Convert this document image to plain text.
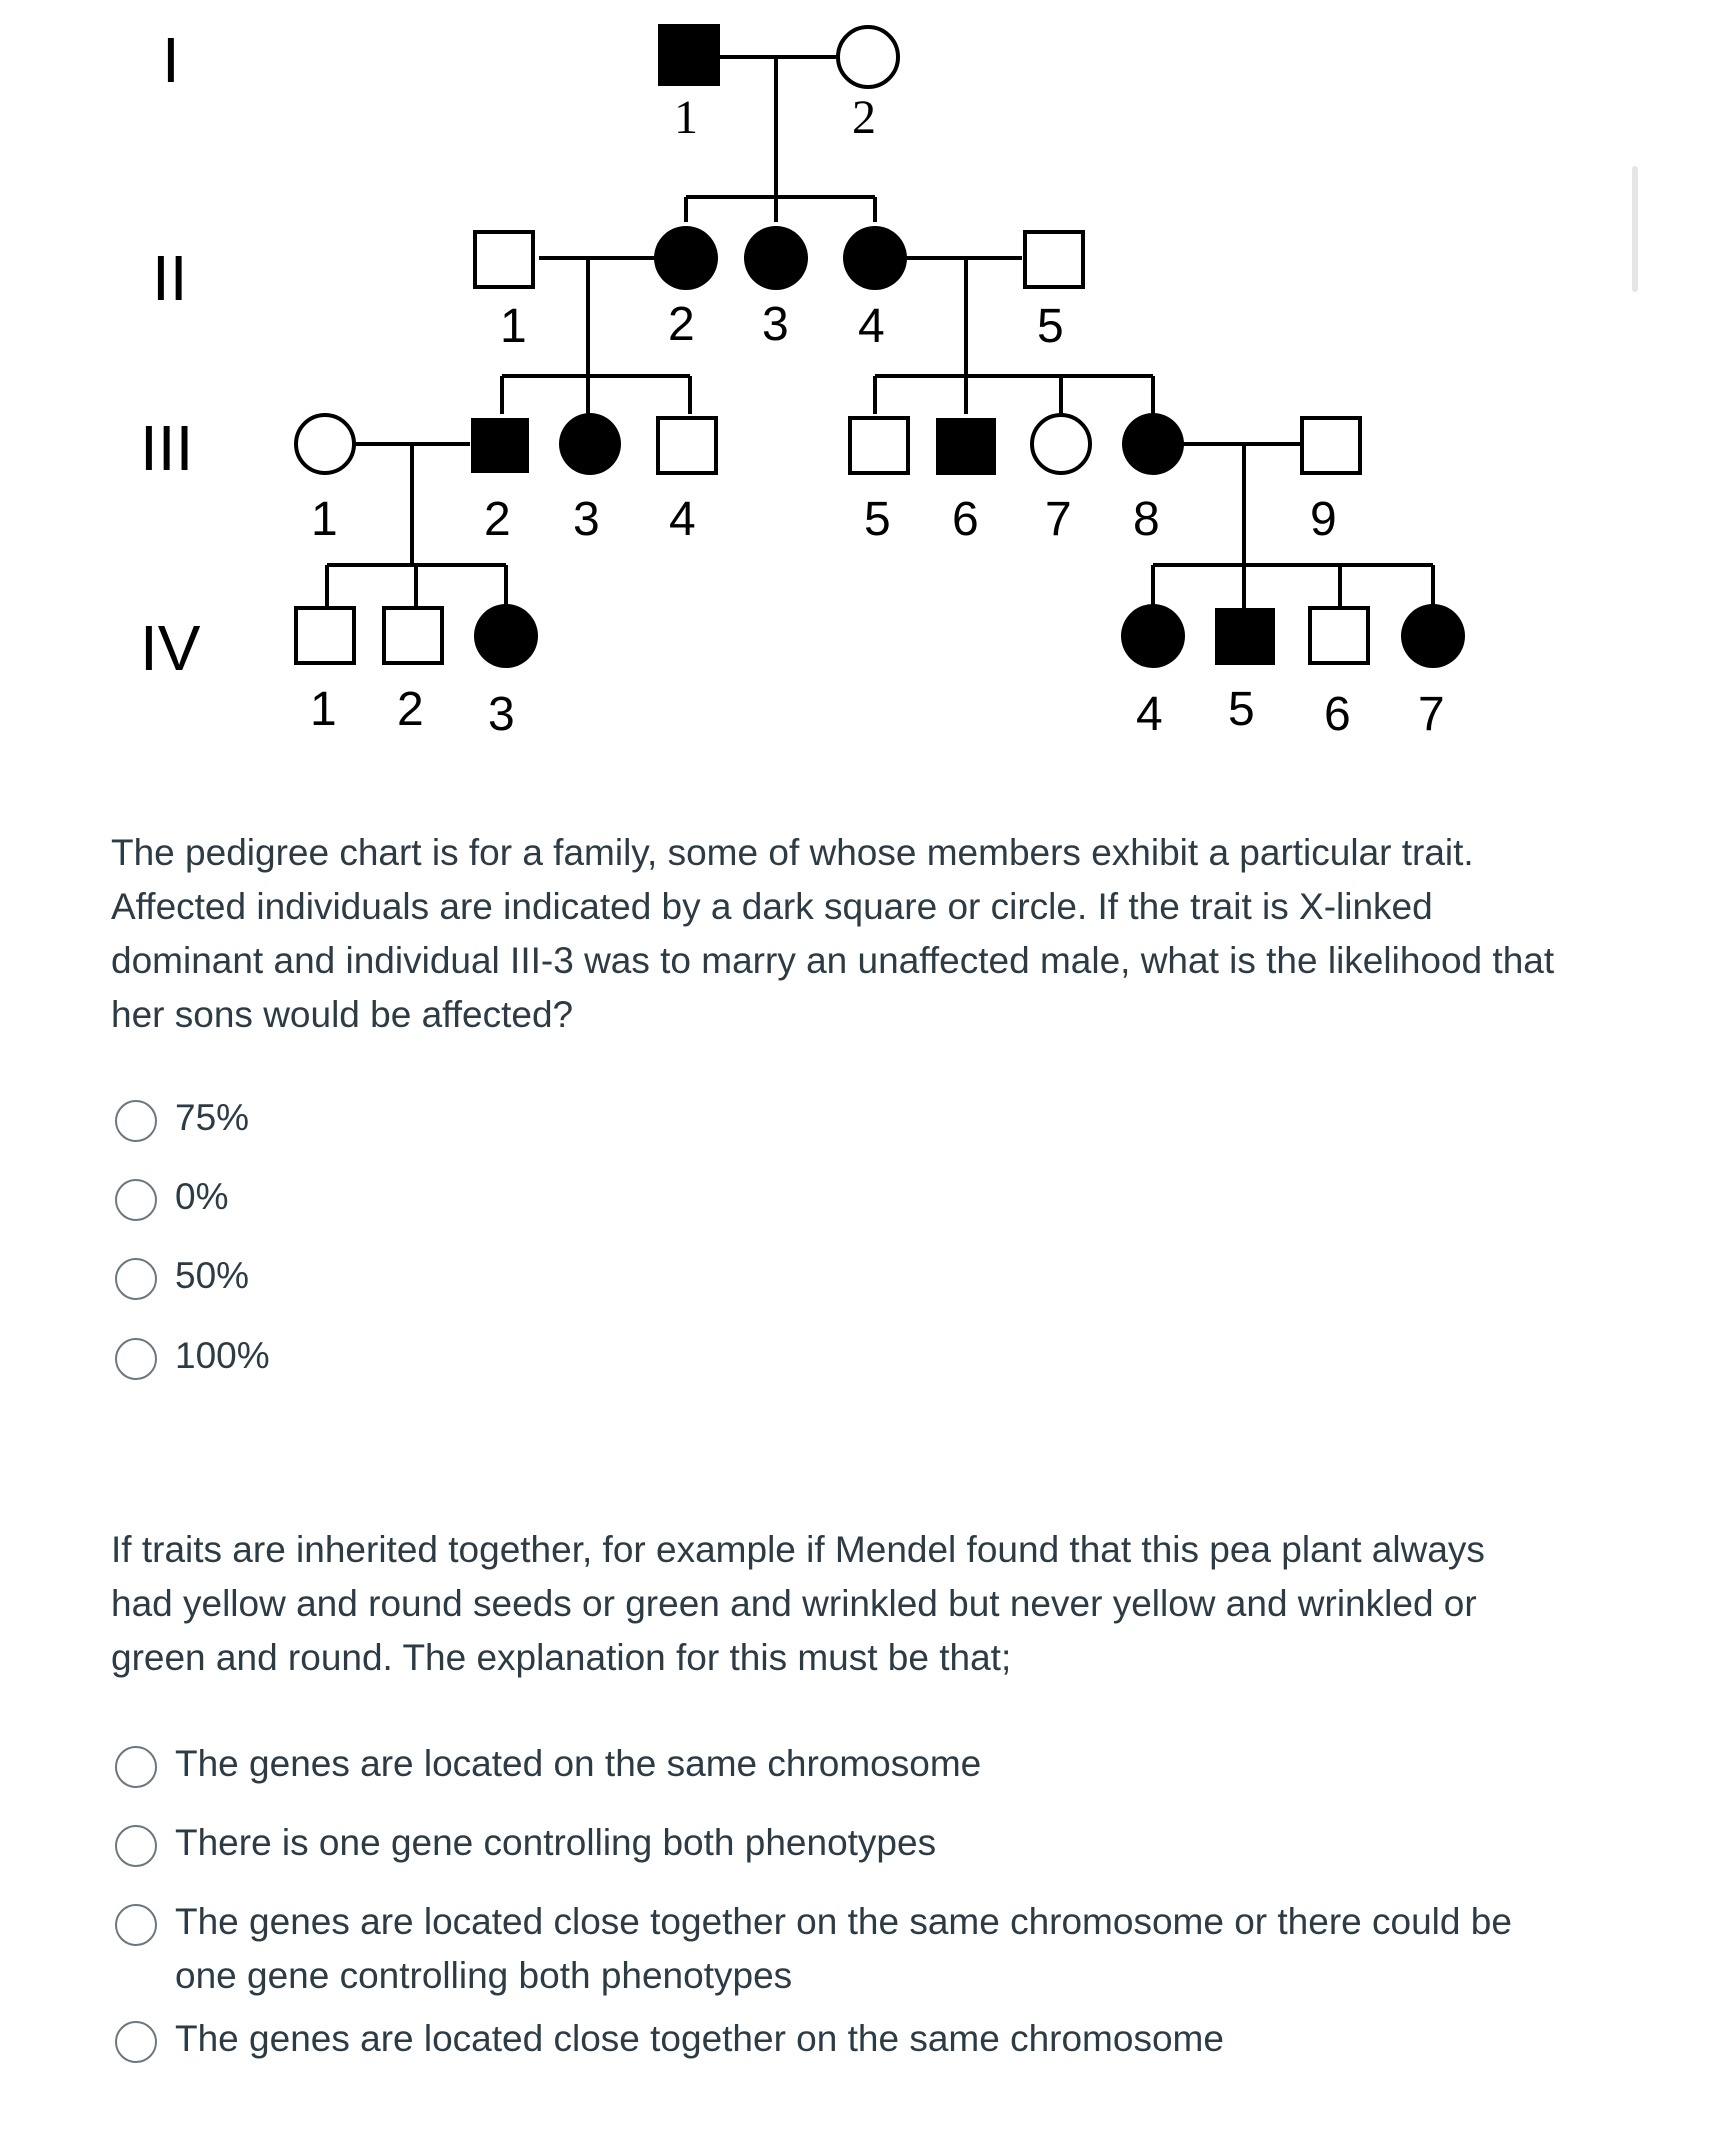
I
II
III
IV
1	2
1	2 3 4	5
1	2 3 4	5 6 7 8	9
1 2 3	4 5 6 7

The pedigree chart is for a family, some of whose members exhibit a particular trait. Affected individuals are indicated by a dark square or circle. If the trait is X-linked dominant and individual III-3 was to marry an unaffected male, what is the likelihood that her sons would be affected?

75%
0%
50%
100%

If traits are inherited together, for example if Mendel found that this pea plant always had yellow and round seeds or green and wrinkled but never yellow and wrinkled or green and round. The explanation for this must be that;

The genes are located on the same chromosome
There is one gene controlling both phenotypes
The genes are located close together on the same chromosome or there could be one gene controlling both phenotypes
The genes are located close together on the same chromosome
